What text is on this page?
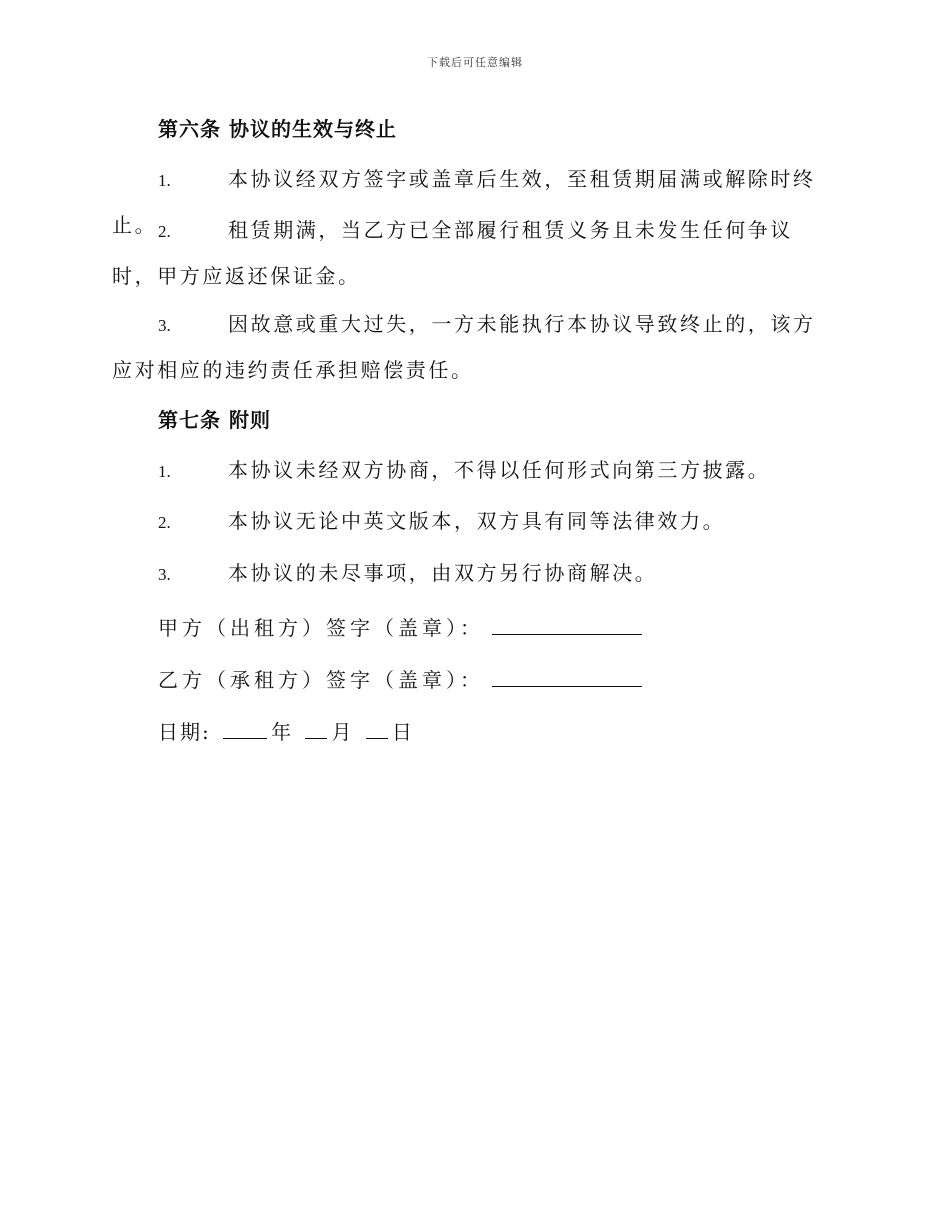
下载后可任意编辑
第六条 协议的生效与终止
1.	本协议经双方签字或盖章后生效，至租赁期届满或解除时终止。 2.	租赁期满，当乙方已全部履行租赁义务且未发生任何争议时，甲方应返还保证金。
3.	因故意或重大过失，一方未能执行本协议导致终止的，该方应对相应的违约责任承担赔偿责任。
第七条 附则
1.	本协议未经双方协商，不得以任何形式向第三方披露。
2.	本协议无论中英文版本，双方具有同等法律效力。
3.	本协议的未尽事项，由双方另行协商解决。
甲方（出租方）签字（盖章）：
乙方（承租方）签字（盖章）：
日期:	年 月 日
